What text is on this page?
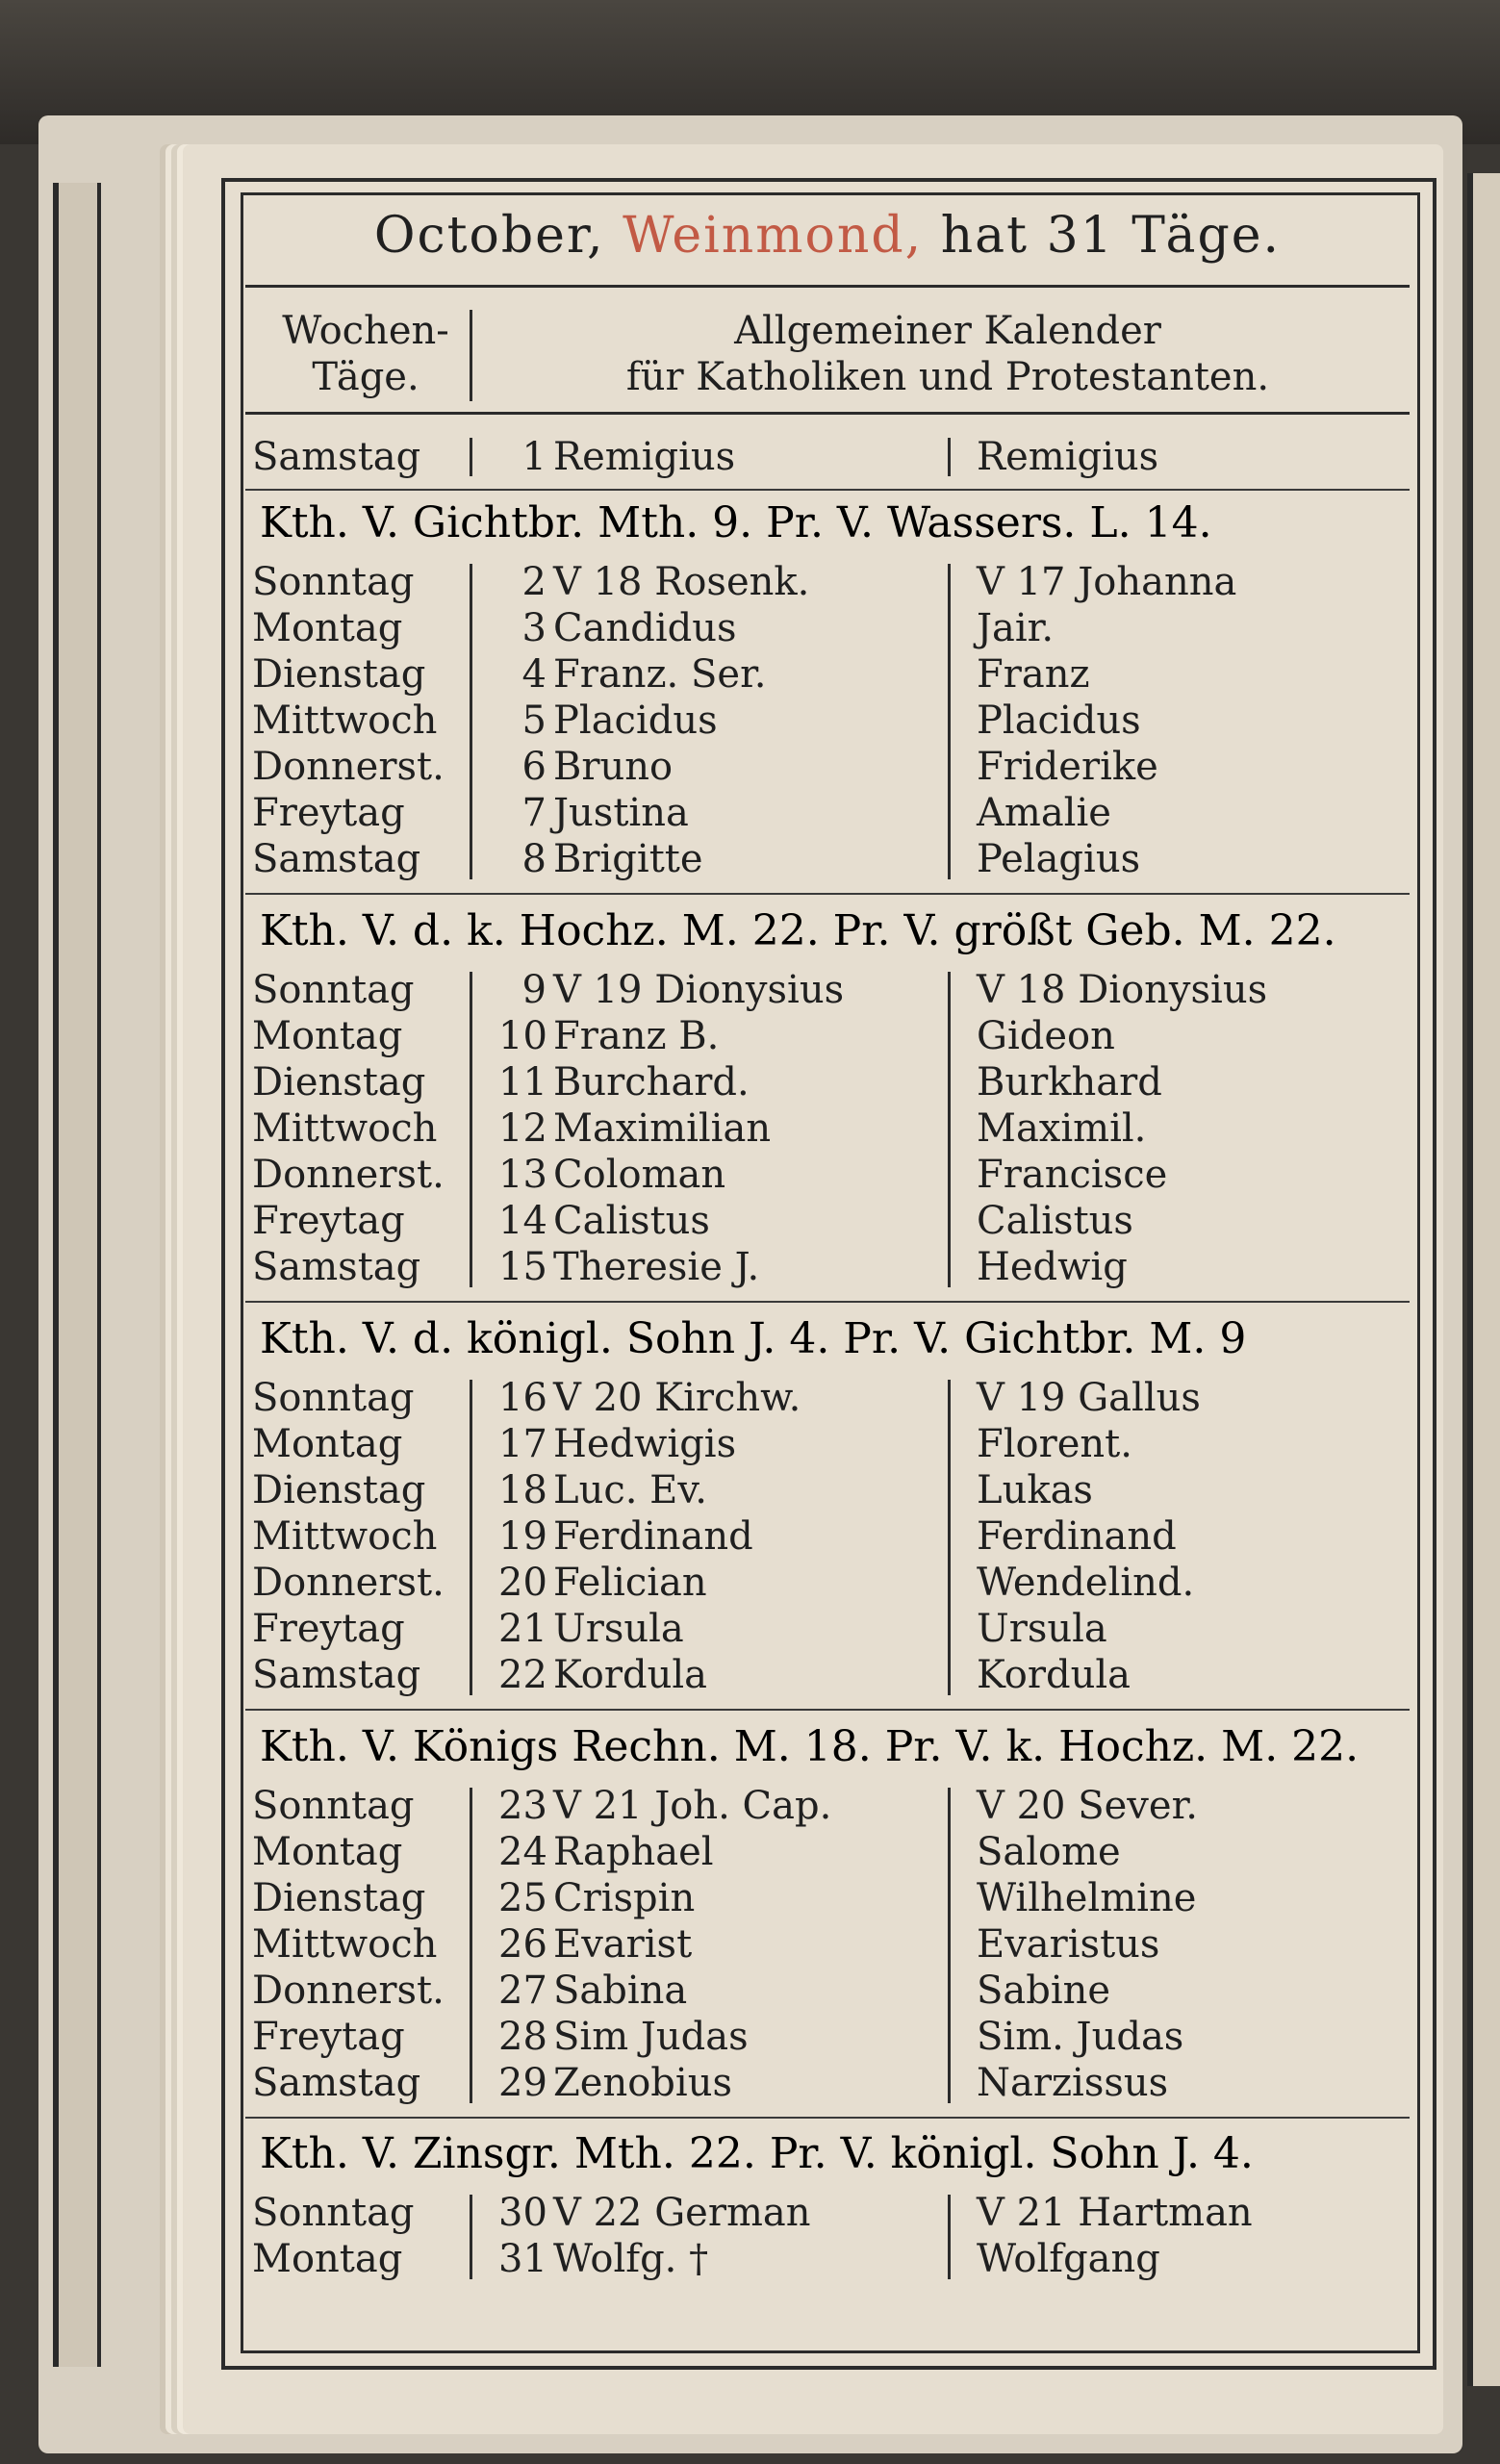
October, Weinmond, hat 31 Täge.
Wochen-
Täge.
Allgemeiner Kalender
für Katholiken und Protestanten.
Samstag	1 Remigius	Remigius
Kth. V. Gichtbr. Mth. 9. Pr. V. Wassers. L. 14.
Sonntag	2 V 18 Rosenk.	V 17 Johanna
Montag	3 Candidus	Jair.
Dienstag	4 Franz. Ser.	Franz
Mittwoch	5 Placidus	Placidus
Donnerst.	6 Bruno	Friderike
Freytag	7 Justina	Amalie
Samstag	8 Brigitte	Pelagius
Kth. V. d. k. Hochz. M. 22. Pr. V. größt Geb. M. 22.
Sonntag	9 V 19 Dionysius	V 18 Dionysius
Montag 10 Franz B.	Gideon
Dienstag 11 Burchard.	Burkhard
Mittwoch 12 Maximilian	Maximil.
Donnerst. 13 Coloman	Francisce
Freytag 14 Calistus	Calistus
Samstag 15 Theresie J.	Hedwig
Kth. V. d. königl. Sohn J. 4. Pr. V. Gichtbr. M. 9
Sonntag 16 V 20 Kirchw.	V 19 Gallus
Montag 17 Hedwigis	Florent.
Dienstag 18 Luc. Ev.	Lukas
Mittwoch 19 Ferdinand	Ferdinand
Donnerst. 20 Felician	Wendelind.
Freytag 21 Ursula	Ursula
Samstag 22 Kordula	Kordula
Kth. V. Königs Rechn. M. 18. Pr. V. k. Hochz. M. 22.
Sonntag 23 V 21 Joh. Cap.	V 20 Sever.
Montag 24 Raphael	Salome
Dienstag 25 Crispin	Wilhelmine
Mittwoch 26 Evarist	Evaristus
Donnerst. 27 Sabina	Sabine
Freytag 28 Sim Judas	Sim. Judas
Samstag 29 Zenobius	Narzissus
Kth. V. Zinsgr. Mth. 22. Pr. V. königl. Sohn J. 4.
Sonntag 30 V 22 German	V 21 Hartman
Montag 31 Wolfg. †	Wolfgang
